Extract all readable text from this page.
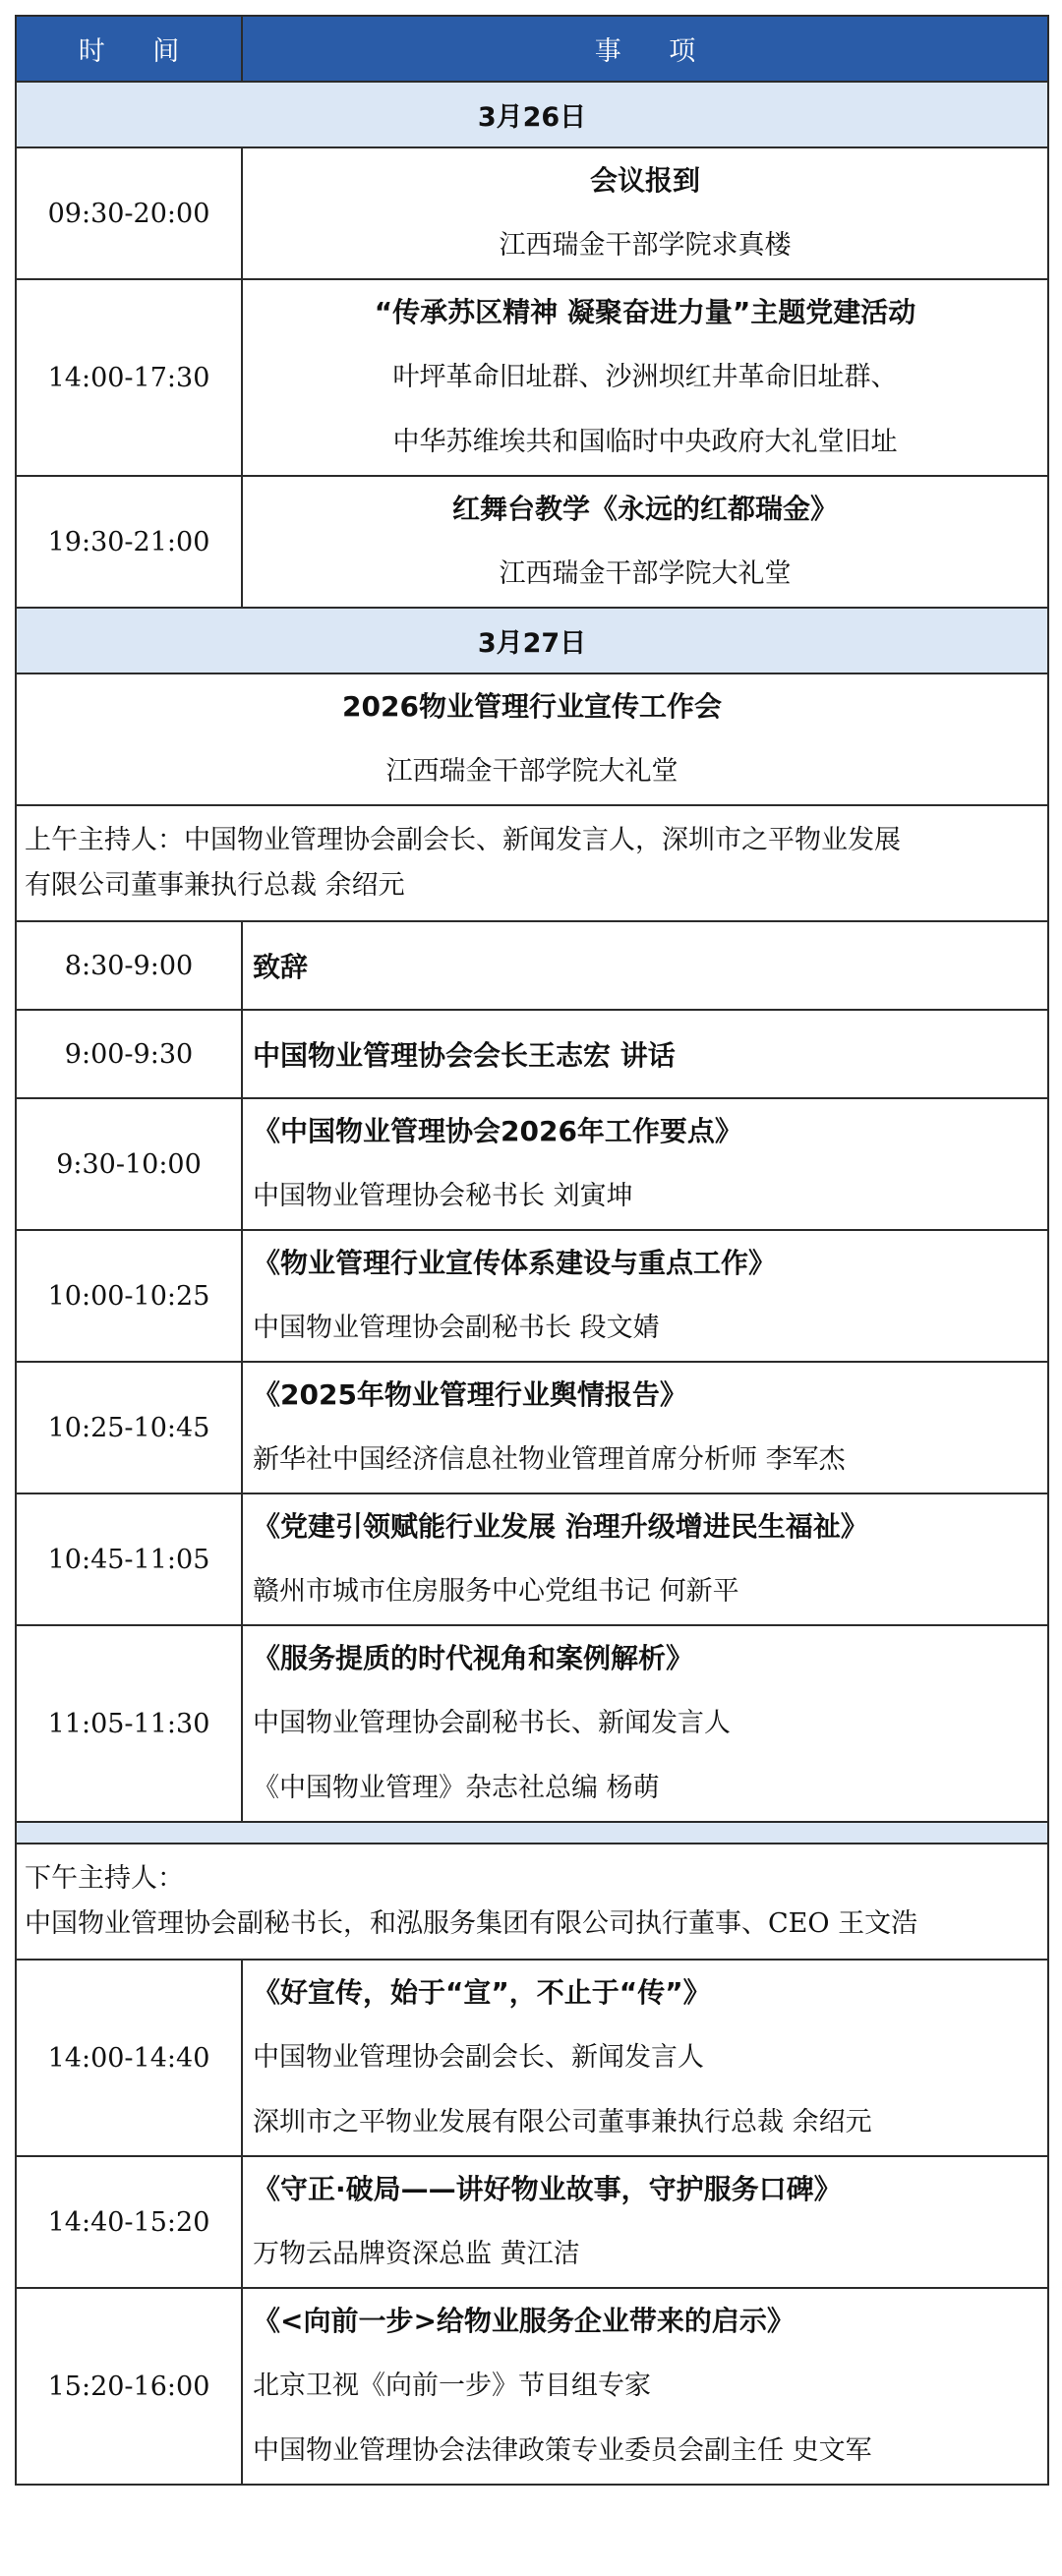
时 间	事 项
3月26日	
09:30-20:00	会议报到
江西瑞金干部学院求真楼

14:00-17:30	“传承苏区精神 凝聚奋进力量”主题党建活动
叶坪革命旧址群、沙洲坝红井革命旧址群、
中华苏维埃共和国临时中央政府大礼堂旧址

19:30-21:00	红舞台教学《永远的红都瑞金》
江西瑞金干部学院大礼堂

3月27日	

2026物业管理行业宣传工作会
江西瑞金干部学院大礼堂	

上午主持人：中国物业管理协会副会长、新闻发言人，深圳市之平物业发展
有限公司董事兼执行总裁 余绍元	

8:30-9:00	致辞

9:00-9:30	中国物业管理协会会长王志宏 讲话

9:30-10:00	《中国物业管理协会2026年工作要点》
中国物业管理协会秘书长 刘寅坤

10:00-10:25	《物业管理行业宣传体系建设与重点工作》
中国物业管理协会副秘书长 段文婧

10:25-10:45	《2025年物业管理行业舆情报告》
新华社中国经济信息社物业管理首席分析师 李军杰

10:45-11:05	《党建引领赋能行业发展 治理升级增进民生福祉》
赣州市城市住房服务中心党组书记 何新平

11:05-11:30	《服务提质的时代视角和案例解析》
中国物业管理协会副秘书长、新闻发言人
《中国物业管理》杂志社总编 杨萌

下午主持人：
中国物业管理协会副秘书长，和泓服务集团有限公司执行董事、CEO 王文浩	

14:00-14:40	《好宣传，始于“宣”，不止于“传”》
中国物业管理协会副会长、新闻发言人
深圳市之平物业发展有限公司董事兼执行总裁 余绍元

14:40-15:20	《守正·破局——讲好物业故事，守护服务口碑》
万物云品牌资深总监 黄江洁

15:20-16:00	《<向前一步>给物业服务企业带来的启示》
北京卫视《向前一步》节目组专家
中国物业管理协会法律政策专业委员会副主任 史文军
